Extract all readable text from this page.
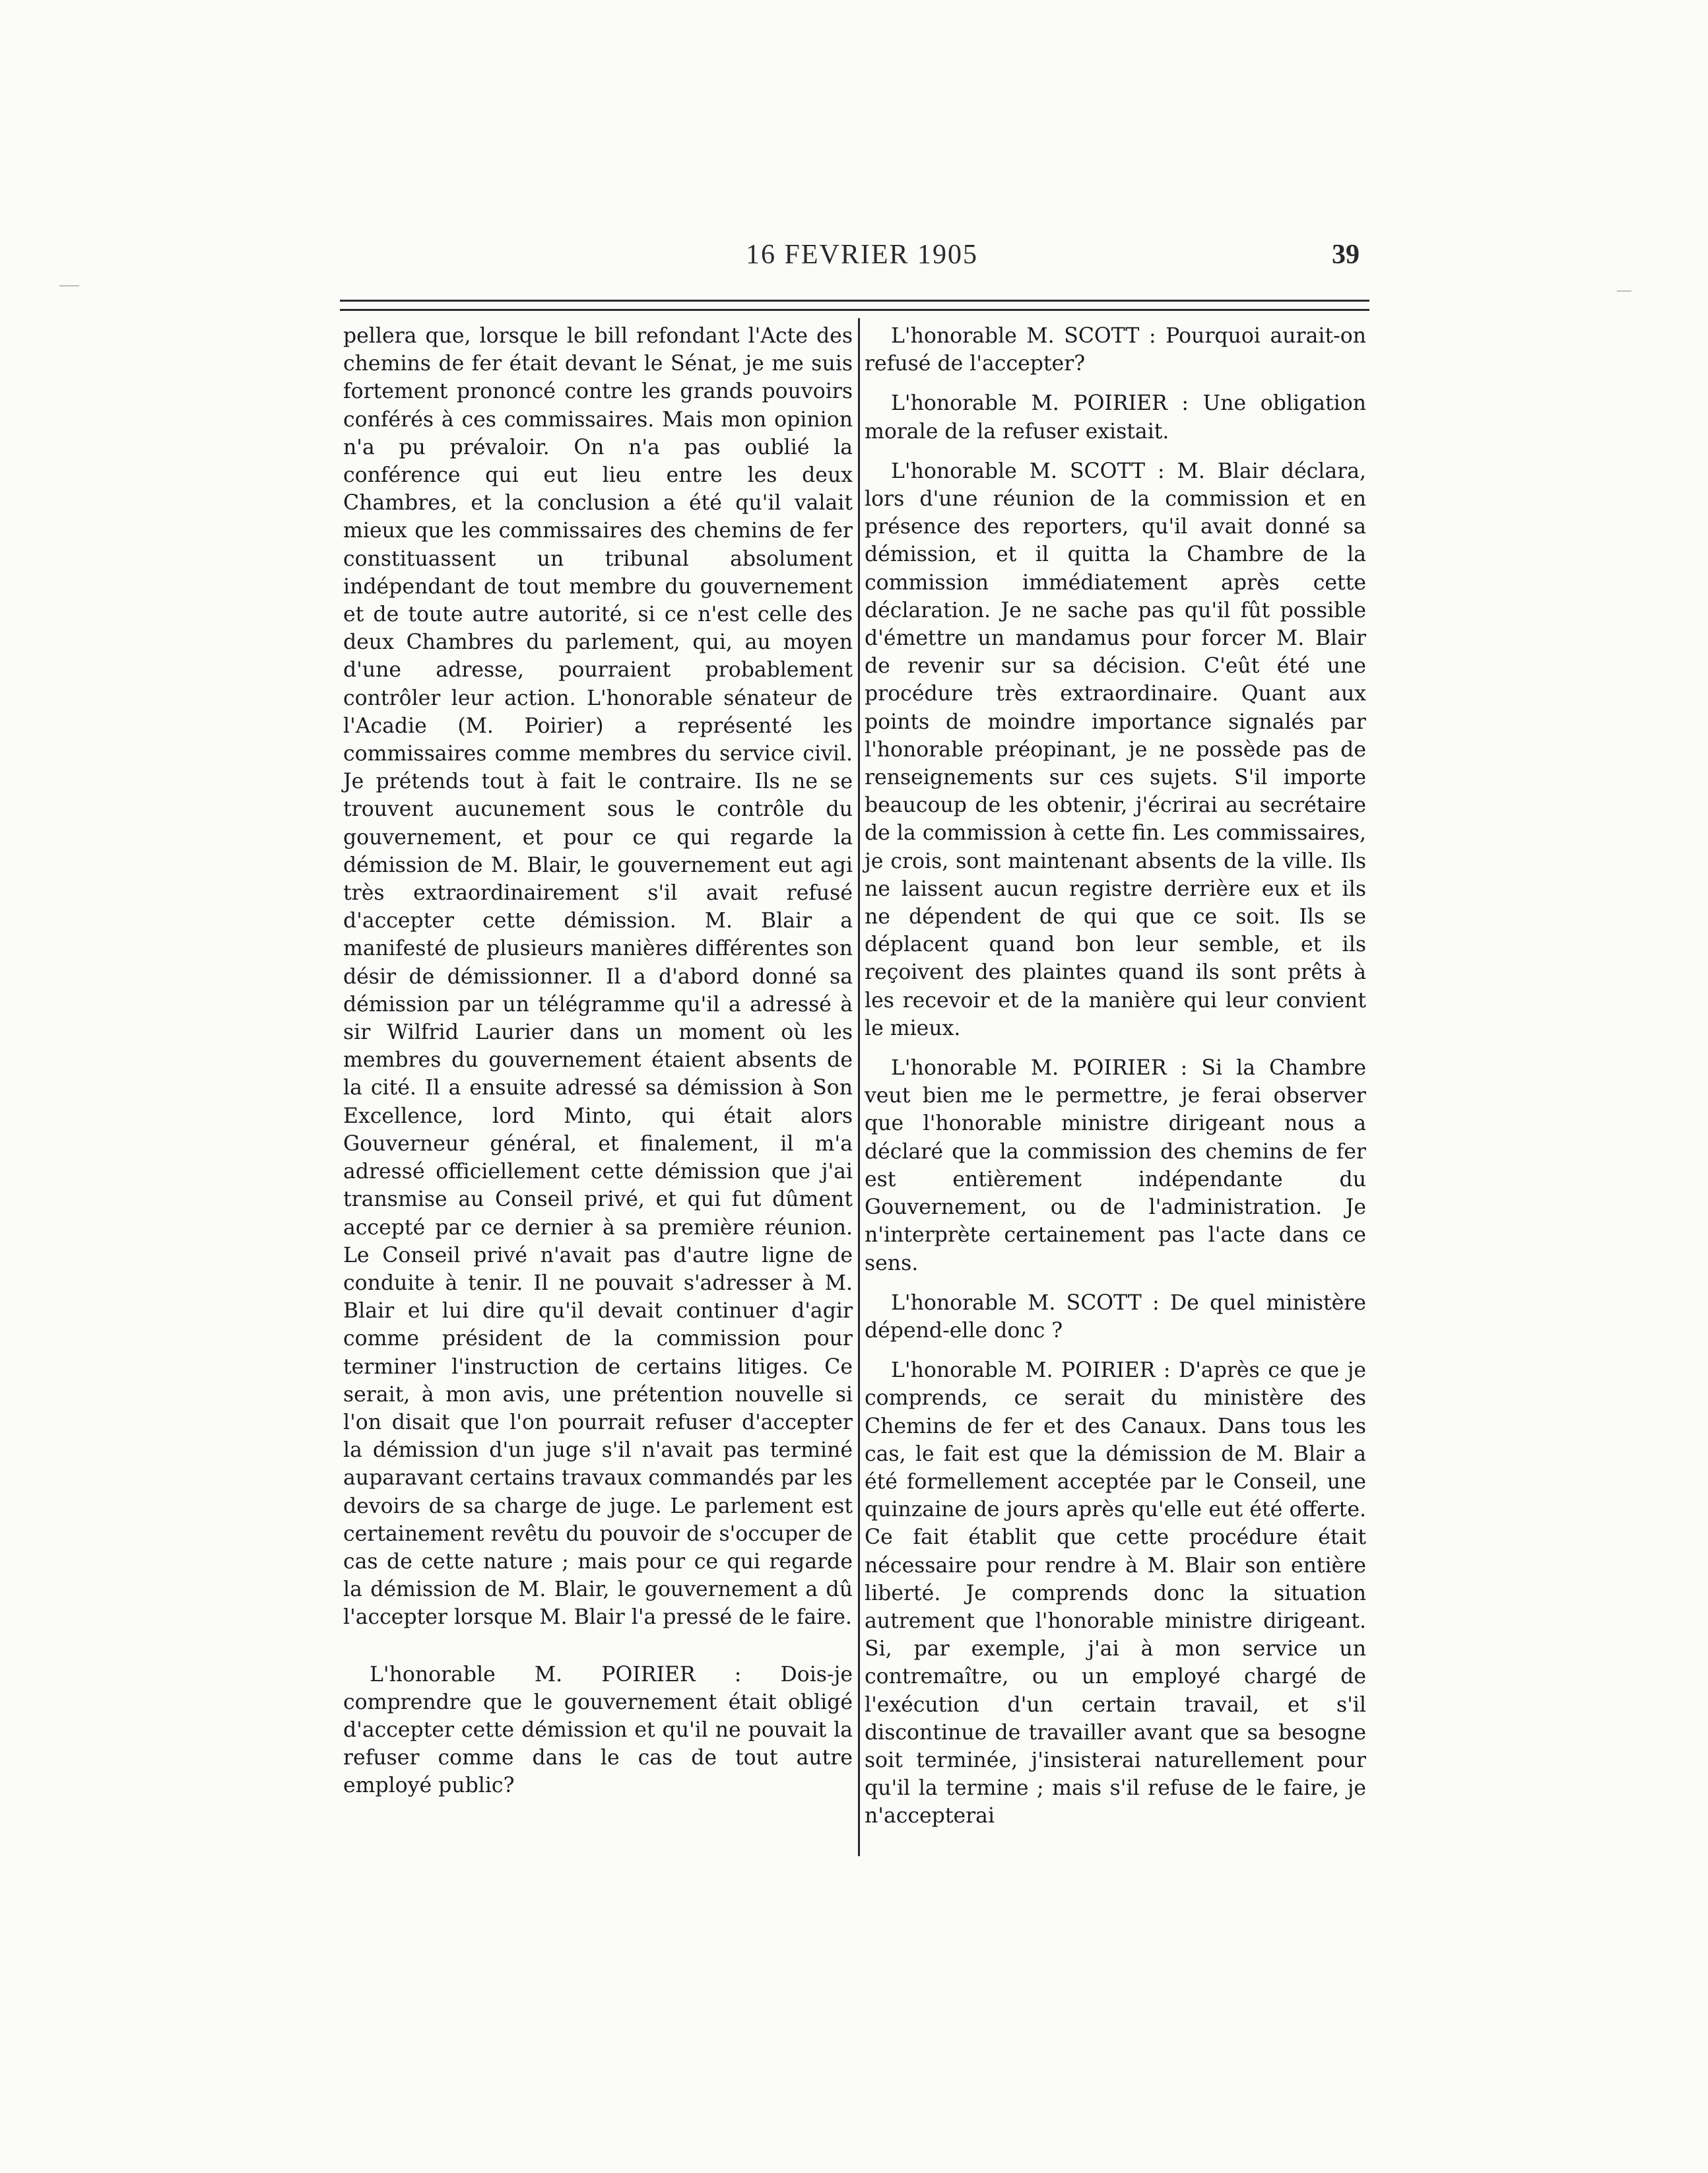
16 FEVRIER 1905	39

pellera que, lorsque le bill refondant l'Acte des chemins de fer était devant le Sénat, je me suis fortement prononcé contre les grands pouvoirs conférés à ces commissaires. Mais mon opinion n'a pu prévaloir. On n'a pas oublié la conférence qui eut lieu entre les deux Chambres, et la conclusion a été qu'il valait mieux que les commissaires des chemins de fer constituassent un tribunal absolument indépendant de tout membre du gouvernement et de toute autre autorité, si ce n'est celle des deux Chambres du parlement, qui, au moyen d'une adresse, pourraient probablement contrôler leur action. L'honorable sénateur de l'Acadie (M. Poirier) a représenté les commissaires comme membres du service civil. Je prétends tout à fait le contraire. Ils ne se trouvent aucunement sous le contrôle du gouvernement, et pour ce qui regarde la démission de M. Blair, le gouvernement eut agi très extraordinairement s'il avait refusé d'accepter cette démission. M. Blair a manifesté de plusieurs manières différentes son désir de démissionner. Il a d'abord donné sa démission par un télégramme qu'il a adressé à sir Wilfrid Laurier dans un moment où les membres du gouvernement étaient absents de la cité. Il a ensuite adressé sa démission à Son Excellence, lord Minto, qui était alors Gouverneur général, et finalement, il m'a adressé officiellement cette démission que j'ai transmise au Conseil privé, et qui fut dûment accepté par ce dernier à sa première réunion. Le Conseil privé n'avait pas d'autre ligne de conduite à tenir. Il ne pouvait s'adresser à M. Blair et lui dire qu'il devait continuer d'agir comme président de la commission pour terminer l'instruction de certains litiges. Ce serait, à mon avis, une prétention nouvelle si l'on disait que l'on pourrait refuser d'accepter la démission d'un juge s'il n'avait pas terminé auparavant certains travaux commandés par les devoirs de sa charge de juge. Le parlement est certainement revêtu du pouvoir de s'occuper de cas de cette nature ; mais pour ce qui regarde la démission de M. Blair, le gouvernement a dû l'accepter lorsque M. Blair l'a pressé de le faire.

L'honorable M. POIRIER : Dois-je comprendre que le gouvernement était obligé d'accepter cette démission et qu'il ne pouvait la refuser comme dans le cas de tout autre employé public?

L'honorable M. SCOTT : Pourquoi aurait-on refusé de l'accepter?

L'honorable M. POIRIER : Une obligation morale de la refuser existait.

L'honorable M. SCOTT : M. Blair déclara, lors d'une réunion de la commission et en présence des reporters, qu'il avait donné sa démission, et il quitta la Chambre de la commission immédiatement après cette déclaration. Je ne sache pas qu'il fût possible d'émettre un mandamus pour forcer M. Blair de revenir sur sa décision. C'eût été une procédure très extraordinaire. Quant aux points de moindre importance signalés par l'honorable préopinant, je ne possède pas de renseignements sur ces sujets. S'il importe beaucoup de les obtenir, j'écrirai au secrétaire de la commission à cette fin. Les commissaires, je crois, sont maintenant absents de la ville. Ils ne laissent aucun registre derrière eux et ils ne dépendent de qui que ce soit. Ils se déplacent quand bon leur semble, et ils reçoivent des plaintes quand ils sont prêts à les recevoir et de la manière qui leur convient le mieux.

L'honorable M. POIRIER : Si la Chambre veut bien me le permettre, je ferai observer que l'honorable ministre dirigeant nous a déclaré que la commission des chemins de fer est entièrement indépendante du Gouvernement, ou de l'administration. Je n'interprète certainement pas l'acte dans ce sens.

L'honorable M. SCOTT : De quel ministère dépend-elle donc ?

L'honorable M. POIRIER : D'après ce que je comprends, ce serait du ministère des Chemins de fer et des Canaux. Dans tous les cas, le fait est que la démission de M. Blair a été formellement acceptée par le Conseil, une quinzaine de jours après qu'elle eut été offerte. Ce fait établit que cette procédure était nécessaire pour rendre à M. Blair son entière liberté. Je comprends donc la situation autrement que l'honorable ministre dirigeant. Si, par exemple, j'ai à mon service un contremaître, ou un employé chargé de l'exécution d'un certain travail, et s'il discontinue de travailler avant que sa besogne soit terminée, j'insisterai naturellement pour qu'il la termine ; mais s'il refuse de le faire, je n'accepterai
